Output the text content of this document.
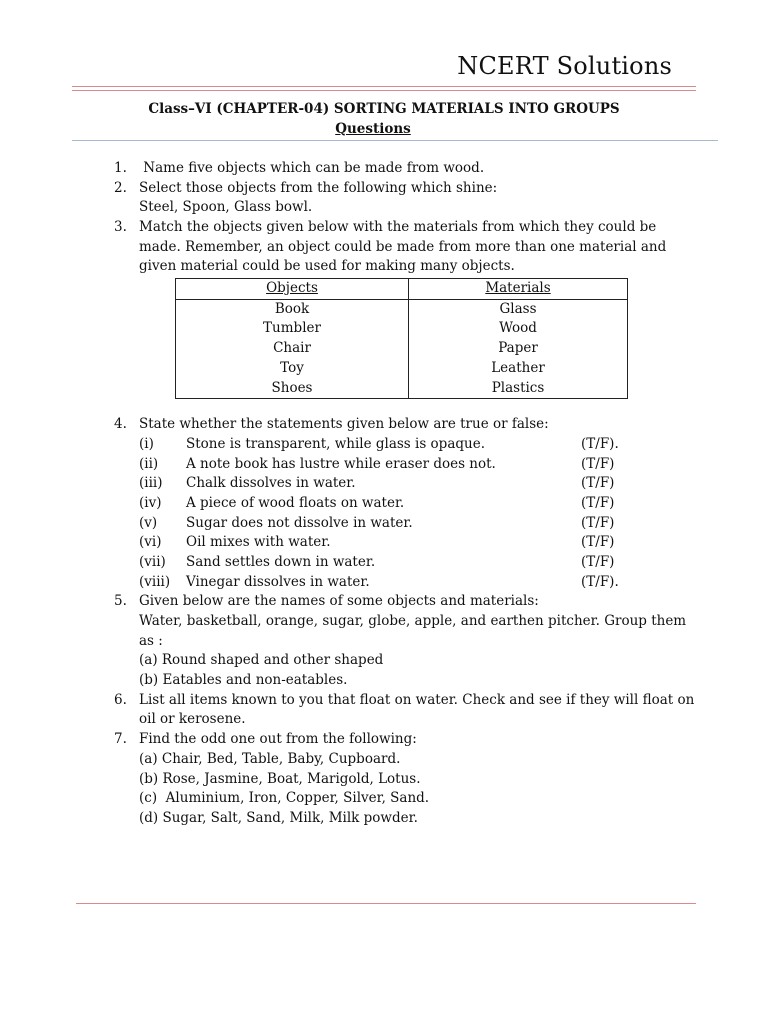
NCERT Solutions
Class–VI (CHAPTER-04) SORTING MATERIALS INTO GROUPS
Questions
1. Name five objects which can be made from wood.
2. Select those objects from the following which shine:
Steel, Spoon, Glass bowl.
3. Match the objects given below with the materials from which they could be
made. Remember, an object could be made from more than one material and
given material could be used for making many objects.
4. State whether the statements given below are true or false:
(i) Stone is transparent, while glass is opaque.	(T/F).
(ii) A note book has lustre while eraser does not.	(T/F)
(iii) Chalk dissolves in water.	(T/F)
(iv) A piece of wood floats on water.	(T/F)
(v) Sugar does not dissolve in water.	(T/F)
(vi) Oil mixes with water.	(T/F)
(vii) Sand settles down in water.	(T/F)
(viii) Vinegar dissolves in water.	(T/F).
5. Given below are the names of some objects and materials:
Water, basketball, orange, sugar, globe, apple, and earthen pitcher. Group them
as :
(a) Round shaped and other shaped
(b) Eatables and non-eatables.
6. List all items known to you that float on water. Check and see if they will float on
oil or kerosene.
7. Find the odd one out from the following:
(a) Chair, Bed, Table, Baby, Cupboard.
(b) Rose, Jasmine, Boat, Marigold, Lotus.
(c)  Aluminium, Iron, Copper, Silver, Sand.
(d) Sugar, Salt, Sand, Milk, Milk powder.
Objects	Materials
Book	Glass
Tumbler	Wood
Chair	Paper
Toy	Leather
Shoes	Plastics
